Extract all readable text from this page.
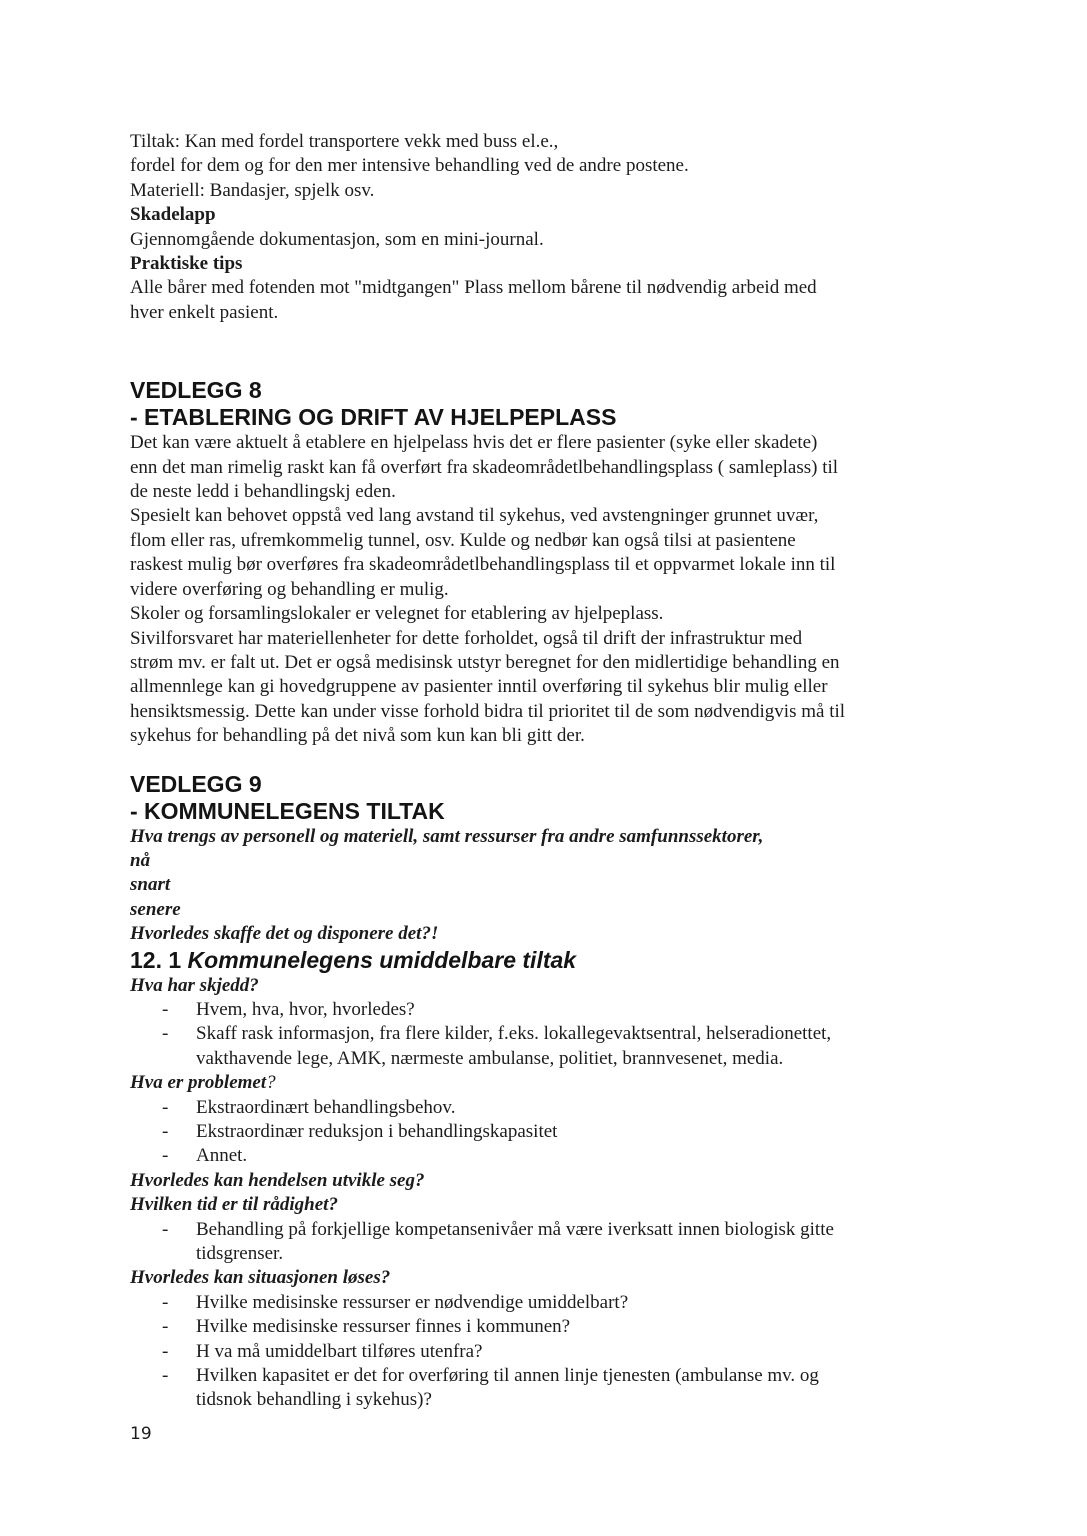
Tiltak: Kan med fordel transportere vekk med buss el.e.,

fordel for dem og for den mer intensive behandling ved de andre postene.

Materiell: Bandasjer, spjelk osv.

Skadelapp

Gjennomgående dokumentasjon, som en mini-journal.

Praktiske tips

Alle bårer med fotenden mot "midtgangen" Plass mellom bårene til nødvendig arbeid med

hver enkelt pasient.

VEDLEGG 8
- ETABLERING OG DRIFT AV HJELPEPLASS

Det kan være aktuelt å etablere en hjelpelass hvis det er flere pasienter (syke eller skadete)

enn det man rimelig raskt kan få overført fra skadeområdetlbehandlingsplass ( samleplass) til

de neste ledd i behandlingskj eden.

Spesielt kan behovet oppstå ved lang avstand til sykehus, ved avstengninger grunnet uvær,

flom eller ras, ufremkommelig tunnel, osv. Kulde og nedbør kan også tilsi at pasientene

raskest mulig bør overføres fra skadeområdetlbehandlingsplass til et oppvarmet lokale inn til

videre overføring og behandling er mulig.

Skoler og forsamlingslokaler er velegnet for etablering av hjelpeplass.

Sivilforsvaret har materiellenheter for dette forholdet, også til drift der infrastruktur med

strøm mv. er falt ut. Det er også medisinsk utstyr beregnet for den midlertidige behandling en

allmennlege kan gi hovedgruppene av pasienter inntil overføring til sykehus blir mulig eller

hensiktsmessig. Dette kan under visse forhold bidra til prioritet til de som nødvendigvis må til

sykehus for behandling på det nivå som kun kan bli gitt der.

VEDLEGG 9
- KOMMUNELEGENS TILTAK

Hva trengs av personell og materiell, samt ressurser fra andre samfunnssektorer,

nå

snart

senere

Hvorledes skaffe det og disponere det?!

12. 1 Kommunelegens umiddelbare tiltak

Hva har skjedd?

- Hvem, hva, hvor, hvorledes?
- Skaff rask informasjon, fra flere kilder, f.eks. lokallegevaktsentral, helseradionettet,
vakthavende lege, AMK, nærmeste ambulanse, politiet, brannvesenet, media.

Hva er problemet?

- Ekstraordinært behandlingsbehov.
- Ekstraordinær reduksjon i behandlingskapasitet
- Annet.

Hvorledes kan hendelsen utvikle seg?

Hvilken tid er til rådighet?

- Behandling på forkjellige kompetansenivåer må være iverksatt innen biologisk gitte
tidsgrenser.

Hvorledes kan situasjonen løses?

- Hvilke medisinske ressurser er nødvendige umiddelbart?
- Hvilke medisinske ressurser finnes i kommunen?
- H va må umiddelbart tilføres utenfra?
- Hvilken kapasitet er det for overføring til annen linje tjenesten (ambulanse mv. og
tidsnok behandling i sykehus)?
19
